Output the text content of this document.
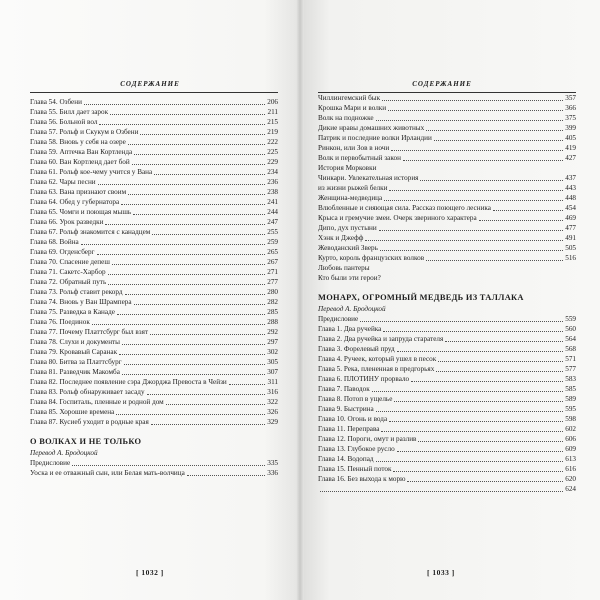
СОДЕРЖАНИЕ	СОДЕРЖАНИЕ
Глава 54. Озбени	206
Глава 55. Билл дает зарок	211
Глава 56. Больной вол	215
Глава 57. Рольф и Скукум в Озбени	219
Глава 58. Вновь у себя на озере	222
Глава 59. Аптечка Ван Кортленда	225
Глава 60. Ван Кортленд дает бой	229
Глава 61. Рольф кое-чему учится у Вана	234
Глава 62. Чары песни	236
Глава 63. Вана признают своим	238
Глава 64. Обед у губернатора	241
Глава 65. Чомги и поющая мышь	244
Глава 66. Урок разведки	247
Глава 67. Рольф знакомится с канадцем	255
Глава 68. Война	259
Глава 69. Огденсберг	265
Глава 70. Спасение депеш	267
Глава 71. Сакетс-Харбор	271
Глава 72. Обратный путь	277
Глава 73. Рольф ставит рекорд	280
Глава 74. Вновь у Ван Шрамперa	282
Глава 75. Разведка в Канаде	285
Глава 76. Поединок	288
Глава 77. Почему Платтсбург был взят	292
Глава 78. Слухи и документы	297
Глава 79. Кровавый Саранак	302
Глава 80. Битва за Платтсбург	305
Глава 81. Разведчик Макомба	307
Глава 82. Последнее появление сэра Джорджа Превоста в Чейзи	311
Глава 83. Рольф обнаруживает засаду	316
Глава 84. Госпиталь, пленные и родной дом	322
Глава 85. Хорошие времена	326
Глава 87. Кусиеб уходит в родные края	329
О ВОЛКАХ И НЕ ТОЛЬКО
Перевод А. Бродоцкой
Предисловие	335
Уоска и ее отважный сын, или Белая мать-волчица	336
Чиллингемский бык	357
Крошка Мари и волки	366
Волк на подножке	375
Дикие нравы домашних животных	399
Патрик и последние волки Ирландии	405
Ринкон, или Зов в ночи	419
Волк и первобытный закон	427
История Морковки
Чинкари. Увлекательная история	437
из жизни рыжей белки	443
Женщина-медведица	448
Влюбленные и сияющая сила. Рассказ поющего лесника	454
Крыса и гремучие змеи. Очерк звериного характера	469
Дипо, дух пустыни	477
Хэнк и Джефф	491
Жеводанский Зверь	505
Курто, король французских волков	516
Любовь пантеры
Кто были эти герои?
МОНАРХ, ОГРОМНЫЙ МЕДВЕДЬ ИЗ ТАЛЛАКА
Перевод А. Бродоцкой
Предисловие	559
Глава 1. Два ручейка	560
Глава 2. Два ручейка и запруда старателя	564
Глава 3. Форелевый пруд	568
Глава 4. Ручеек, который ушел в песок	571
Глава 5. Река, плененная в предгорьях	577
Глава 6. ПЛОТИНУ прорвало	583
Глава 7. Паводок	585
Глава 8. Потоп в ущелье	589
Глава 9. Быстрина	595
Глава 10. Огонь и вода	598
Глава 11. Переправа	602
Глава 12. Пороги, омут и разлив	606
Глава 13. Глубокое русло	609
Глава 14. Водопад	613
Глава 15. Пенный поток	616
Глава 16. Без выхода к морю	620
624
[ 1032 ]	[ 1033 ]
